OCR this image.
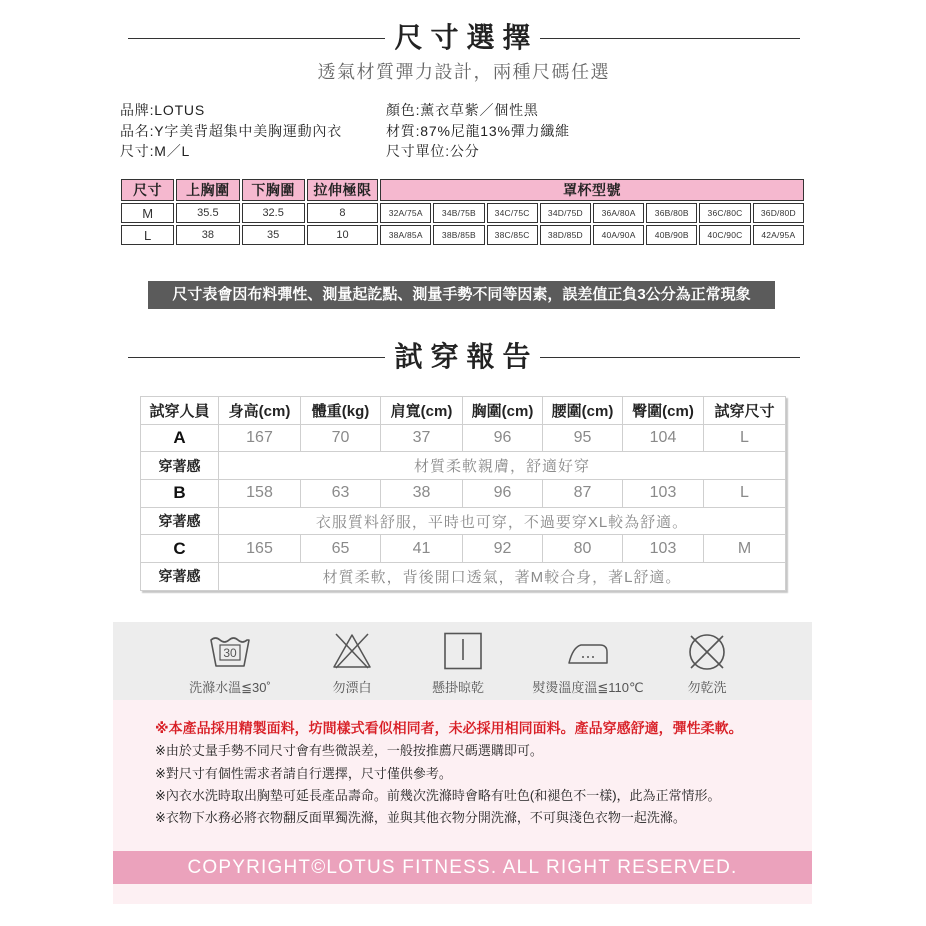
尺寸選擇
透氣材質彈力設計，兩種尺碼任選
品牌:LOTUS
品名:Y字美背超集中美胸運動內衣
尺寸:M／L
顏色:薰衣草紫／個性黑
材質:87%尼龍13%彈力纖維
尺寸單位:公分
尺寸	上胸圍	下胸圍	拉伸極限	罩杯型號							
M	35.5	32.5	8	32A/75A	34B/75B	34C/75C	34D/75D	36A/80A	36B/80B	36C/80C	36D/80D
L	38	35	10	38A/85A	38B/85B	38C/85C	38D/85D	40A/90A	40B/90B	40C/90C	42A/95A
尺寸表會因布料彈性、測量起訖點、測量手勢不同等因素，誤差值正負3公分為正常現象
試穿報告
試穿人員	身高(cm)	體重(kg)	肩寬(cm)	胸圍(cm)	腰圍(cm)	臀圍(cm)	試穿尺寸
A	167	70	37	96	95	104	L
穿著感	材質柔軟親膚，舒適好穿						
B	158	63	38	96	87	103	L
穿著感	衣服質料舒服，平時也可穿，不過要穿XL較為舒適。						
C	165	65	41	92	80	103	M
穿著感	材質柔軟，背後開口透氣，著M較合身，著L舒適。						
30
洗滌水溫≦30˚	勿漂白	懸掛晾乾	熨燙溫度溫≦110℃	勿乾洗
※本產品採用精製面料，坊間樣式看似相同者，未必採用相同面料。產品穿感舒適，彈性柔軟。
※由於丈量手勢不同尺寸會有些微誤差，一般按推薦尺碼選購即可。
※對尺寸有個性需求者請自行選擇，尺寸僅供參考。
※內衣水洗時取出胸墊可延長產品壽命。前幾次洗滌時會略有吐色(和褪色不一樣)，此為正常情形。
※衣物下水務必將衣物翻反面單獨洗滌，並與其他衣物分開洗滌，不可與淺色衣物一起洗滌。
COPYRIGHT©LOTUS FITNESS. ALL RIGHT RESERVED.
